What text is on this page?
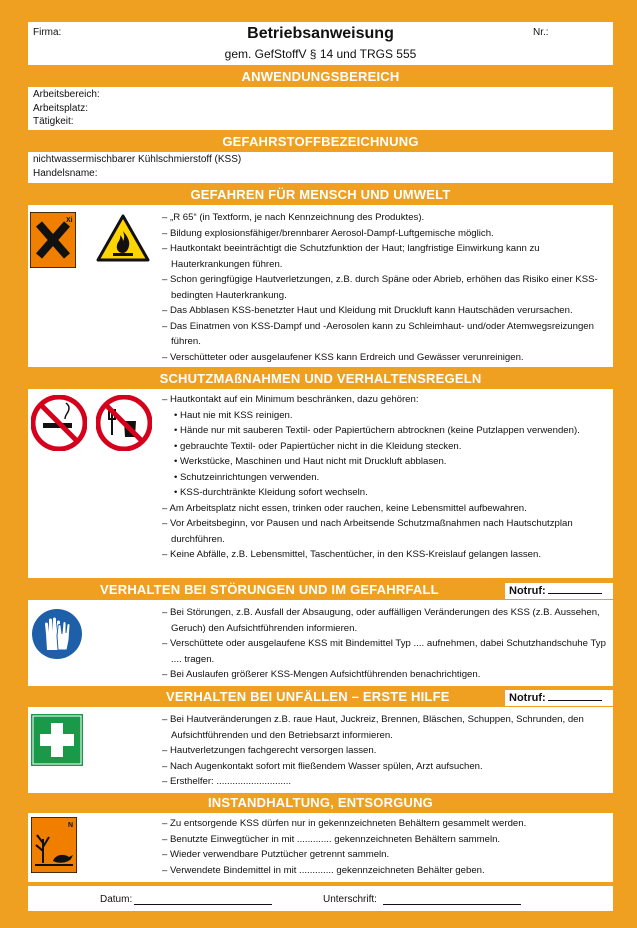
Firma:	Betriebsanweisung
gem. GefStoffV § 14 und TRGS 555
Nr.:
ANWENDUNGSBEREICH
Arbeitsbereich:
Arbeitsplatz:
Tätigkeit:
GEFAHRSTOFFBEZEICHNUNG
nichtwassermischbarer Kühlschmierstoff (KSS)
Handelsname:
GEFAHREN FÜR MENSCH UND UMWELT
Xi	– „R 65“ (in Textform, je nach Kennzeichnung des Produktes).
– Bildung explosionsfähiger/brennbarer Aerosol-Dampf-Luftgemische möglich.
– Hautkontakt beeinträchtigt die Schutzfunktion der Haut; langfristige Einwirkung kann zu Hauterkrankungen führen.
– Schon geringfügige Hautverletzungen, z.B. durch Späne oder Abrieb, erhöhen das Risiko einer KSS-bedingten Hauterkrankung.
– Das Abblasen KSS-benetzter Haut und Kleidung mit Druckluft kann Hautschäden verursachen.
– Das Einatmen von KSS-Dampf und -Aerosolen kann zu Schleimhaut- und/oder Atemwegsreizungen führen.
– Verschütteter oder ausgelaufener KSS kann Erdreich und Gewässer verunreinigen.
SCHUTZMAßNAHMEN UND VERHALTENSREGELN
– Hautkontakt auf ein Minimum beschränken, dazu gehören:
• Haut nie mit KSS reinigen.
• Hände nur mit sauberen Textil- oder Papiertüchern abtrocknen (keine Putzlappen verwenden).
• gebrauchte Textil- oder Papiertücher nicht in die Kleidung stecken.
• Werkstücke, Maschinen und Haut nicht mit Druckluft abblasen.
• Schutzeinrichtungen verwenden.
• KSS-durchtränkte Kleidung sofort wechseln.
– Am Arbeitsplatz nicht essen, trinken oder rauchen, keine Lebensmittel aufbewahren.
– Vor Arbeitsbeginn, vor Pausen und nach Arbeitsende Schutzmaßnahmen nach Hautschutzplan durchführen.
– Keine Abfälle, z.B. Lebensmittel, Taschentücher, in den KSS-Kreislauf gelangen lassen.
VERHALTEN BEI STÖRUNGEN UND IM GEFAHRFALL	Notruf:
– Bei Störungen, z.B. Ausfall der Absaugung, oder auffälligen Veränderungen des KSS (z.B. Aussehen, Geruch) den Aufsichtführenden informieren.
– Verschüttete oder ausgelaufene KSS mit Bindemittel Typ .... aufnehmen, dabei Schutzhandschuhe Typ .... tragen.
– Bei Auslaufen größerer KSS-Mengen Aufsichtführenden benachrichtigen.
VERHALTEN BEI UNFÄLLEN – ERSTE HILFE	Notruf:
– Bei Hautveränderungen z.B. raue Haut, Juckreiz, Brennen, Bläschen, Schuppen, Schrunden, den Aufsichtführenden und den Betriebsarzt informieren.
– Hautverletzungen fachgerecht versorgen lassen.
– Nach Augenkontakt sofort mit fließendem Wasser spülen, Arzt aufsuchen.
– Ersthelfer: ............................
INSTANDHALTUNG, ENTSORGUNG
N	– Zu entsorgende KSS dürfen nur in gekennzeichneten Behältern gesammelt werden.
– Benutzte Einwegtücher in mit ............. gekennzeichneten Behältern sammeln.
– Wieder verwendbare Putztücher getrennt sammeln.
– Verwendete Bindemittel in mit ............. gekennzeichneten Behälter geben.
Datum:	Unterschrift:
